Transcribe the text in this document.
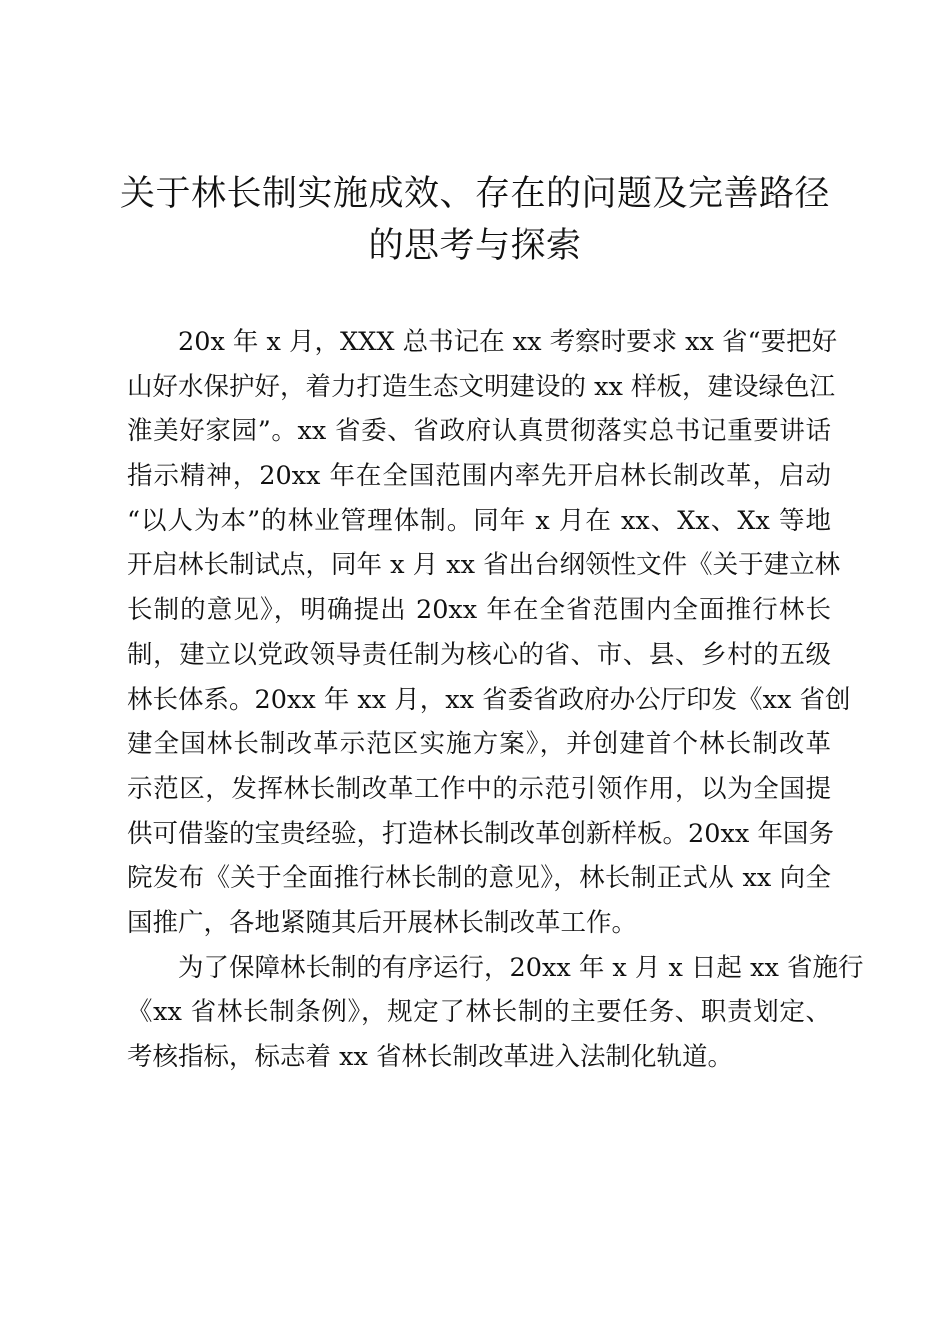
关于林长制实施成效、存在的问题及完善路径
的思考与探索
20x 年 x 月，XXX 总书记在 xx 考察时要求 xx 省“要把好
山好水保护好，着力打造生态文明建设的 xx 样板，建设绿色江
淮美好家园”。xx 省委、省政府认真贯彻落实总书记重要讲话
指示精神，20xx 年在全国范围内率先开启林长制改革，启动
“以人为本”的林业管理体制。同年 x 月在 xx、Xx、Xx 等地
开启林长制试点，同年 x 月 xx 省出台纲领性文件《关于建立林
长制的意见》，明确提出 20xx 年在全省范围内全面推行林长
制，建立以党政领导责任制为核心的省、市、县、乡村的五级
林长体系。20xx 年 xx 月，xx 省委省政府办公厅印发《xx 省创
建全国林长制改革示范区实施方案》，并创建首个林长制改革
示范区，发挥林长制改革工作中的示范引领作用，以为全国提
供可借鉴的宝贵经验，打造林长制改革创新样板。20xx 年国务
院发布《关于全面推行林长制的意见》，林长制正式从 xx 向全
国推广，各地紧随其后开展林长制改革工作。
为了保障林长制的有序运行，20xx 年 x 月 x 日起 xx 省施行
《xx 省林长制条例》，规定了林长制的主要任务、职责划定、
考核指标，标志着 xx 省林长制改革进入法制化轨道。
